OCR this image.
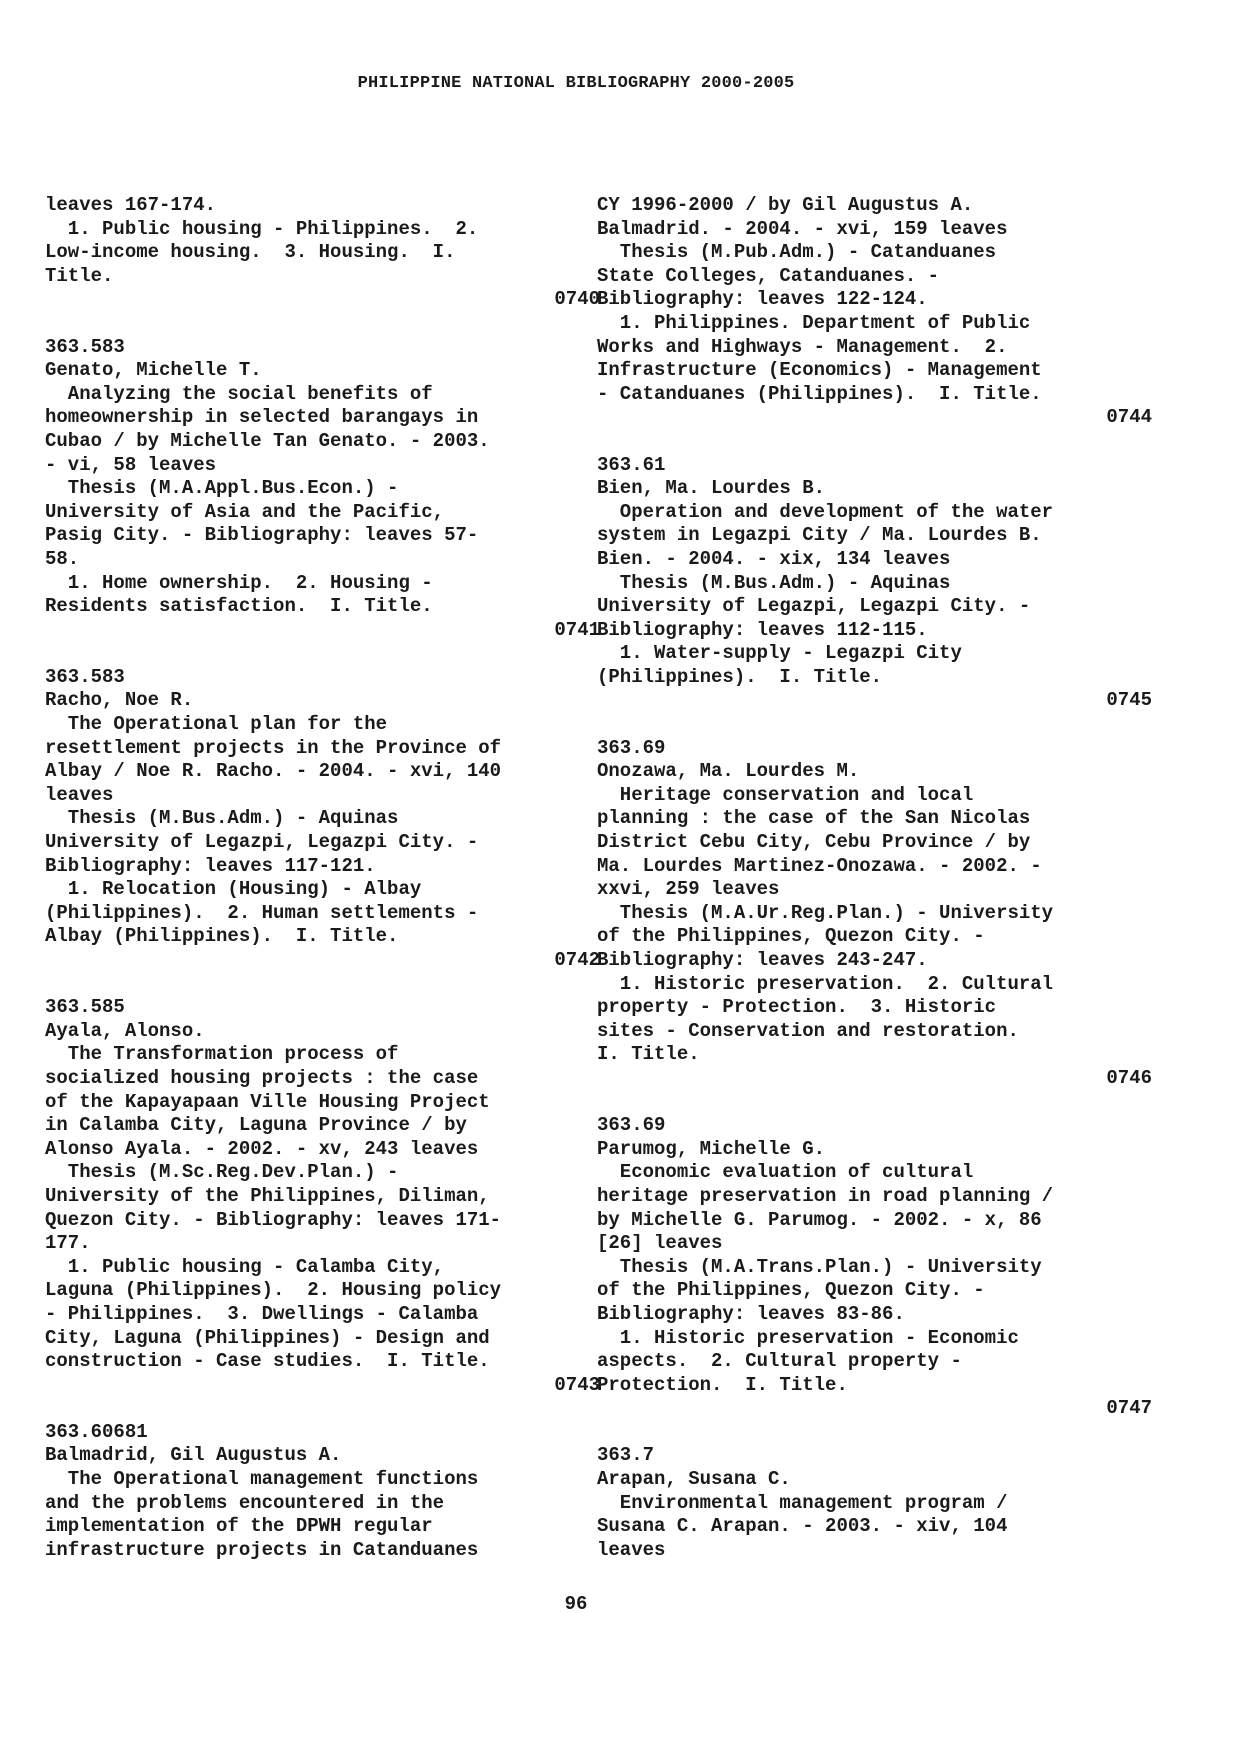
PHILIPPINE NATIONAL BIBLIOGRAPHY 2000-2005
leaves 167-174.
1. Public housing - Philippines.  2.
Low-income housing.  3. Housing.  I.
Title.
0740
363.583
Genato, Michelle T.
Analyzing the social benefits of
homeownership in selected barangays in
Cubao / by Michelle Tan Genato. - 2003.
- vi, 58 leaves
Thesis (M.A.Appl.Bus.Econ.) -
University of Asia and the Pacific,
Pasig City. - Bibliography: leaves 57-
58.
1. Home ownership.  2. Housing -
Residents satisfaction.  I. Title.
0741
363.583
Racho, Noe R.
The Operational plan for the
resettlement projects in the Province of
Albay / Noe R. Racho. - 2004. - xvi, 140
leaves
Thesis (M.Bus.Adm.) - Aquinas
University of Legazpi, Legazpi City. -
Bibliography: leaves 117-121.
1. Relocation (Housing) - Albay
(Philippines).  2. Human settlements -
Albay (Philippines).  I. Title.
0742
363.585
Ayala, Alonso.
The Transformation process of
socialized housing projects : the case
of the Kapayapaan Ville Housing Project
in Calamba City, Laguna Province / by
Alonso Ayala. - 2002. - xv, 243 leaves
Thesis (M.Sc.Reg.Dev.Plan.) -
University of the Philippines, Diliman,
Quezon City. - Bibliography: leaves 171-
177.
1. Public housing - Calamba City,
Laguna (Philippines).  2. Housing policy
- Philippines.  3. Dwellings - Calamba
City, Laguna (Philippines) - Design and
construction - Case studies.  I. Title.
0743
363.60681
Balmadrid, Gil Augustus A.
The Operational management functions
and the problems encountered in the
implementation of the DPWH regular
infrastructure projects in Catanduanes
CY 1996-2000 / by Gil Augustus A.
Balmadrid. - 2004. - xvi, 159 leaves
Thesis (M.Pub.Adm.) - Catanduanes
State Colleges, Catanduanes. -
Bibliography: leaves 122-124.
1. Philippines. Department of Public
Works and Highways - Management.  2.
Infrastructure (Economics) - Management
- Catanduanes (Philippines).  I. Title.
0744
363.61
Bien, Ma. Lourdes B.
Operation and development of the water
system in Legazpi City / Ma. Lourdes B.
Bien. - 2004. - xix, 134 leaves
Thesis (M.Bus.Adm.) - Aquinas
University of Legazpi, Legazpi City. -
Bibliography: leaves 112-115.
1. Water-supply - Legazpi City
(Philippines).  I. Title.
0745
363.69
Onozawa, Ma. Lourdes M.
Heritage conservation and local
planning : the case of the San Nicolas
District Cebu City, Cebu Province / by
Ma. Lourdes Martinez-Onozawa. - 2002. -
xxvi, 259 leaves
Thesis (M.A.Ur.Reg.Plan.) - University
of the Philippines, Quezon City. -
Bibliography: leaves 243-247.
1. Historic preservation.  2. Cultural
property - Protection.  3. Historic
sites - Conservation and restoration.
I. Title.
0746
363.69
Parumog, Michelle G.
Economic evaluation of cultural
heritage preservation in road planning /
by Michelle G. Parumog. - 2002. - x, 86
[26] leaves
Thesis (M.A.Trans.Plan.) - University
of the Philippines, Quezon City. -
Bibliography: leaves 83-86.
1. Historic preservation - Economic
aspects.  2. Cultural property -
Protection.  I. Title.
0747
363.7
Arapan, Susana C.
Environmental management program /
Susana C. Arapan. - 2003. - xiv, 104
leaves
96
